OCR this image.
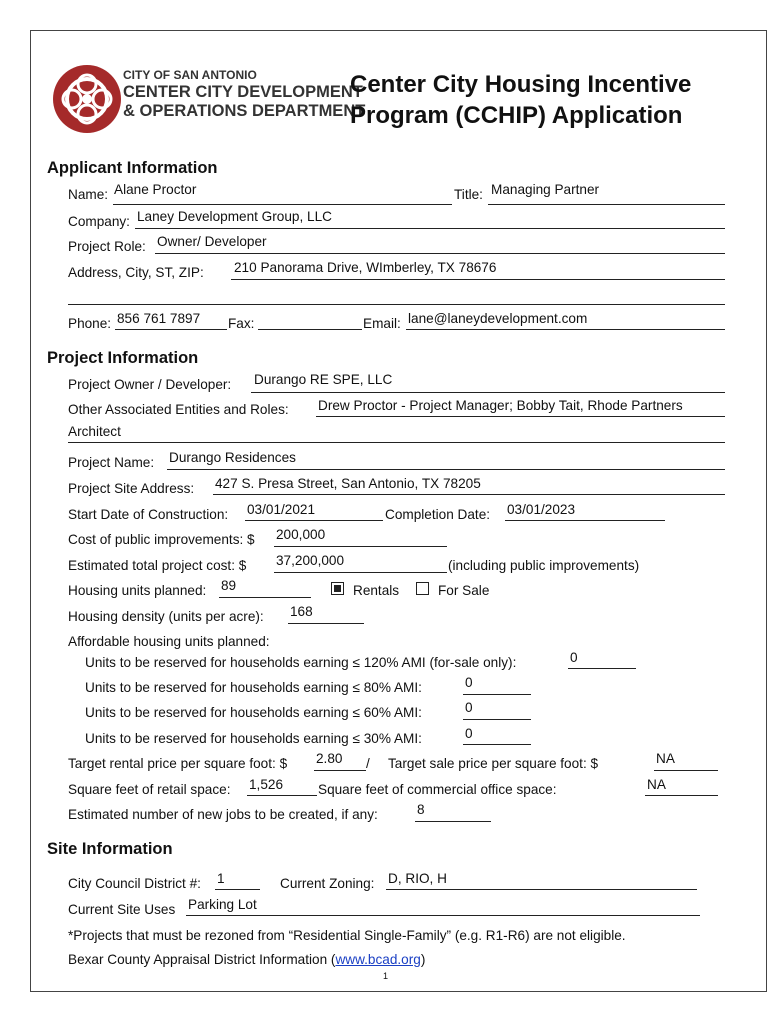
CITY OF SAN ANTONIO
CENTER CITY DEVELOPMENT
& OPERATIONS DEPARTMENT
Center City Housing Incentive
Program (CCHIP) Application
Applicant Information
Name: Alane Proctor	Title: Managing Partner
Company: Laney Development Group, LLC
Project Role: Owner/ Developer
Address, City, ST, ZIP: 210 Panorama Drive, WImberley, TX 78676
Phone: 856 761 7897 Fax:	Email: lane@laneydevelopment.com
Project Information
Project Owner / Developer: Durango RE SPE, LLC
Other Associated Entities and Roles: Drew Proctor - Project Manager; Bobby Tait, Rhode Partners
Architect
Project Name: Durango Residences
Project Site Address: 427 S. Presa Street, San Antonio, TX 78205
Start Date of Construction: 03/01/2021	Completion Date: 03/01/2023
Cost of public improvements: $ 200,000
Estimated total project cost: $ 37,200,000	(including public improvements)
Housing units planned: 89	Rentals	For Sale
Housing density (units per acre): 168
Affordable housing units planned:
Units to be reserved for households earning ≤ 120% AMI (for-sale only):	0
Units to be reserved for households earning ≤ 80% AMI:	0
Units to be reserved for households earning ≤ 60% AMI:	0
Units to be reserved for households earning ≤ 30% AMI:	0
Target rental price per square foot: $ 2.80 / Target sale price per square foot: $	NA
Square feet of retail space: 1,526	Square feet of commercial office space:	NA
Estimated number of new jobs to be created, if any:	8
Site Information
City Council District #: 1	Current Zoning: D, RIO, H
Current Site Uses Parking Lot
*Projects that must be rezoned from “Residential Single-Family” (e.g. R1-R6) are not eligible.
Bexar County Appraisal District Information (www.bcad.org)
1
